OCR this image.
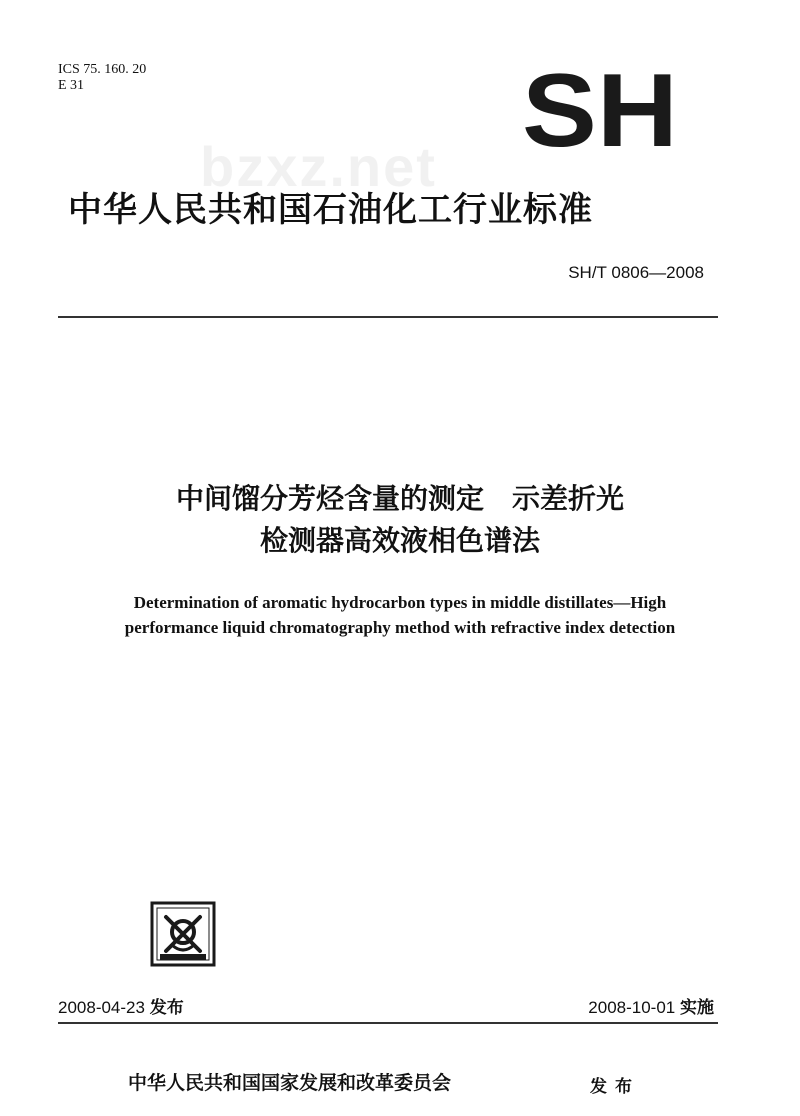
ICS 75. 160. 20
E 31	SH
bzxz.net
中华人民共和国石油化工行业标准
SH/T 0806—2008
中间馏分芳烃含量的测定 示差折光
检测器高效液相色谱法
Determination of aromatic hydrocarbon types in middle distillates—High
performance liquid chromatography method with refractive index detection
2008-04-23 发布	2008-10-01 实施
中华人民共和国国家发展和改革委员会	发布
